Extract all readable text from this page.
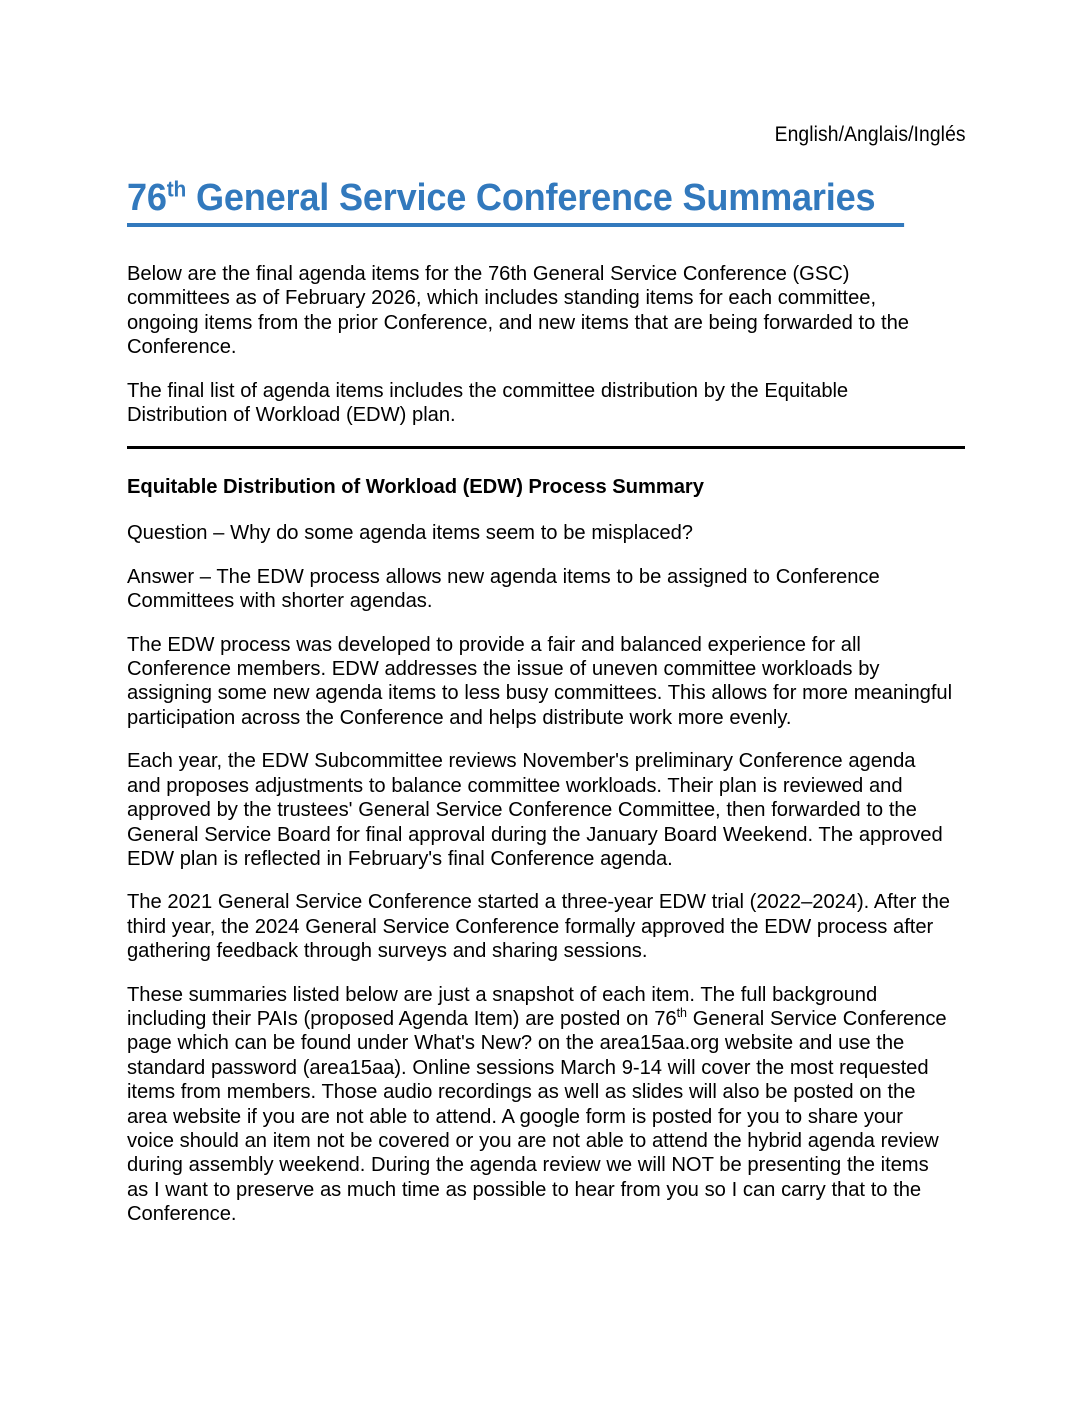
English/Anglais/Inglés
76th General Service Conference Summaries

Below are the final agenda items for the 76th General Service Conference (GSC) committees as of February 2026, which includes standing items for each committee, ongoing items from the prior Conference, and new items that are being forwarded to the Conference.

The final list of agenda items includes the committee distribution by the Equitable Distribution of Workload (EDW) plan.

Equitable Distribution of Workload (EDW) Process Summary

Question – Why do some agenda items seem to be misplaced?

Answer – The EDW process allows new agenda items to be assigned to Conference Committees with shorter agendas.

The EDW process was developed to provide a fair and balanced experience for all Conference members. EDW addresses the issue of uneven committee workloads by assigning some new agenda items to less busy committees. This allows for more meaningful participation across the Conference and helps distribute work more evenly.

Each year, the EDW Subcommittee reviews November's preliminary Conference agenda and proposes adjustments to balance committee workloads. Their plan is reviewed and approved by the trustees' General Service Conference Committee, then forwarded to the General Service Board for final approval during the January Board Weekend. The approved EDW plan is reflected in February's final Conference agenda.

The 2021 General Service Conference started a three-year EDW trial (2022–2024). After the third year, the 2024 General Service Conference formally approved the EDW process after gathering feedback through surveys and sharing sessions.

These summaries listed below are just a snapshot of each item. The full background including their PAIs (proposed Agenda Item) are posted on 76th General Service Conference page which can be found under What's New? on the area15aa.org website and use the standard password (area15aa). Online sessions March 9-14 will cover the most requested items from members. Those audio recordings as well as slides will also be posted on the area website if you are not able to attend. A google form is posted for you to share your voice should an item not be covered or you are not able to attend the hybrid agenda review during assembly weekend. During the agenda review we will NOT be presenting the items as I want to preserve as much time as possible to hear from you so I can carry that to the Conference.
